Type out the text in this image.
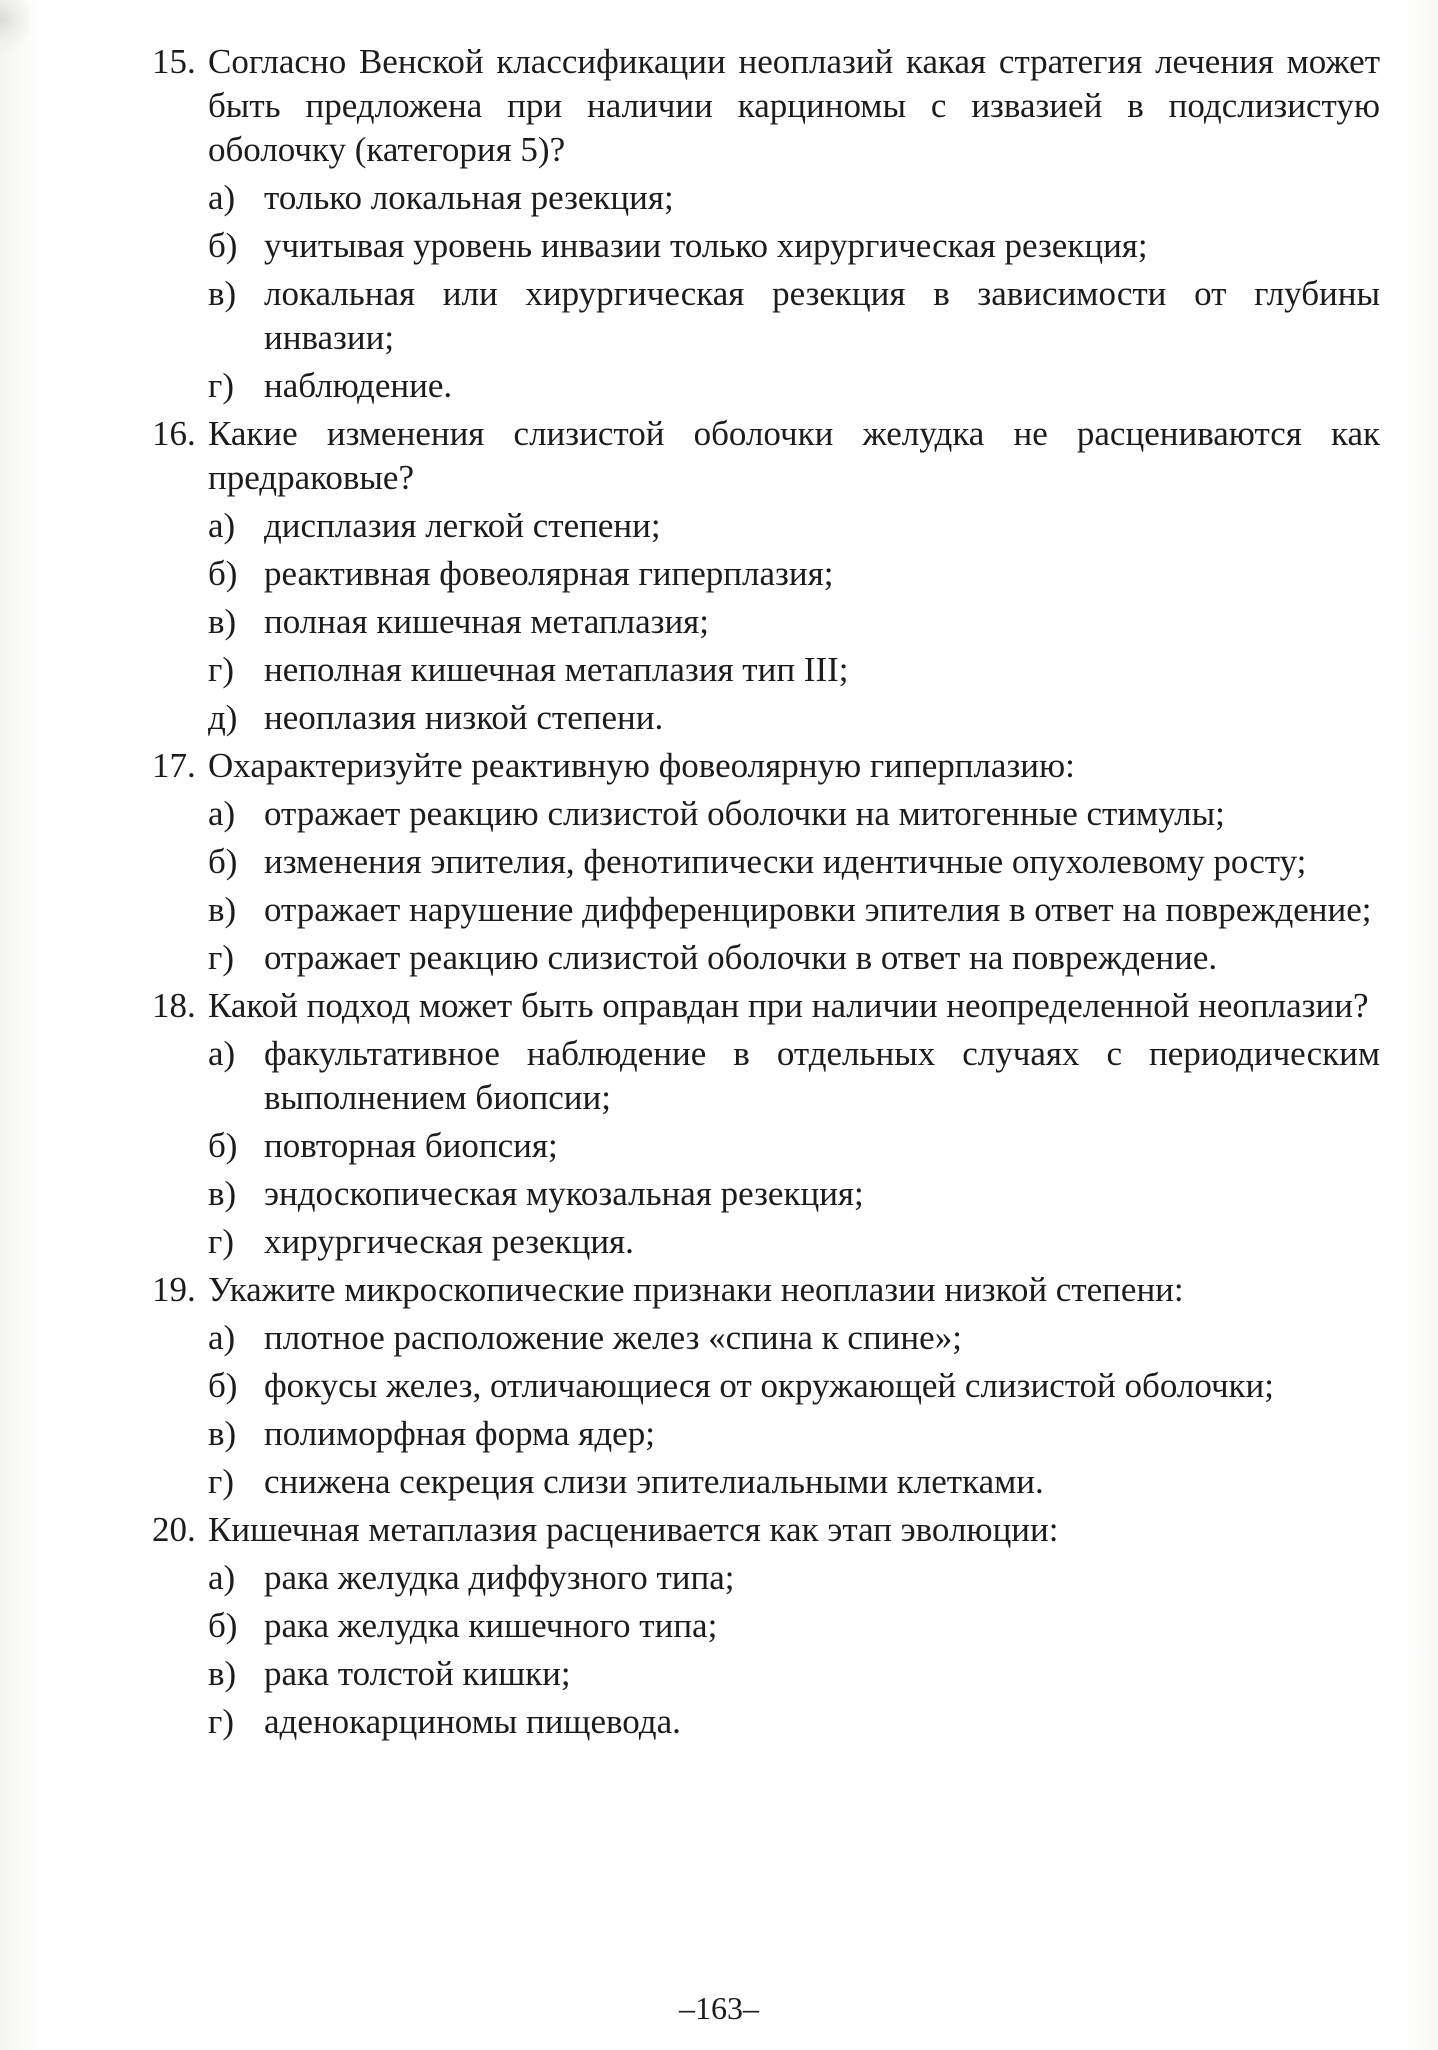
15. Согласно Венской классификации неоплазий какая стратегия лечения может быть предложена при наличии карциномы с извазией в подслизистую оболочку (категория 5)?
а) только локальная резекция;
б) учитывая уровень инвазии только хирургическая резекция;
в) локальная или хирургическая резекция в зависимости от глубины инвазии;
г) наблюдение.
16. Какие изменения слизистой оболочки желудка не расцениваются как предраковые?
а) дисплазия легкой степени;
б) реактивная фовеолярная гиперплазия;
в) полная кишечная метаплазия;
г) неполная кишечная метаплазия тип III;
д) неоплазия низкой степени.
17. Охарактеризуйте реактивную фовеолярную гиперплазию:
а) отражает реакцию слизистой оболочки на митогенные стимулы;
б) изменения эпителия, фенотипически идентичные опухолевому росту;
в) отражает нарушение дифференцировки эпителия в ответ на повреждение;
г) отражает реакцию слизистой оболочки в ответ на повреждение.
18. Какой подход может быть оправдан при наличии неопределенной неоплазии?
а) факультативное наблюдение в отдельных случаях с периодическим выполнением биопсии;
б) повторная биопсия;
в) эндоскопическая мукозальная резекция;
г) хирургическая резекция.
19. Укажите микроскопические признаки неоплазии низкой степени:
а) плотное расположение желез «спина к спине»;
б) фокусы желез, отличающиеся от окружающей слизистой оболочки;
в) полиморфная форма ядер;
г) снижена секреция слизи эпителиальными клетками.
20. Кишечная метаплазия расценивается как этап эволюции:
а) рака желудка диффузного типа;
б) рака желудка кишечного типа;
в) рака толстой кишки;
г) аденокарциномы пищевода.
–163–
